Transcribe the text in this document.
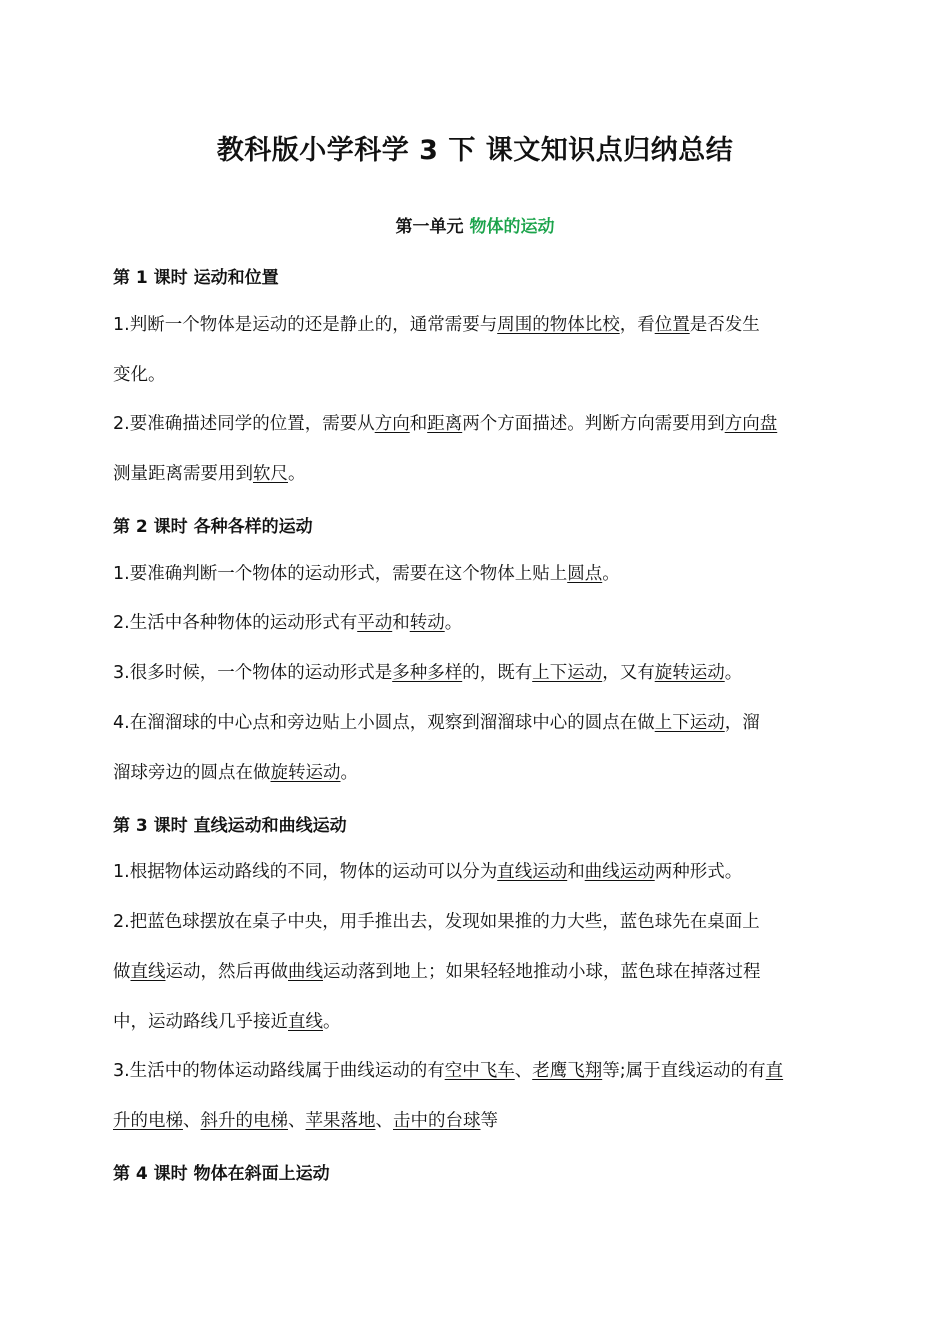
教科版小学科学 3 下 课文知识点归纳总结
第一单元 物体的运动
第 1 课时 运动和位置
1.判断一个物体是运动的还是静止的，通常需要与周围的物体比校，看位置是否发生
变化。
2.要准确描述同学的位置，需要从方向和距离两个方面描述。判断方向需要用到方向盘
测量距离需要用到软尺。
第 2 课时 各种各样的运动
1.要准确判断一个物体的运动形式，需要在这个物体上贴上圆点。
2.生活中各种物体的运动形式有平动和转动。
3.很多时候，一个物体的运动形式是多种多样的，既有上下运动，又有旋转运动。
4.在溜溜球的中心点和旁边贴上小圆点，观察到溜溜球中心的圆点在做上下运动，溜
溜球旁边的圆点在做旋转运动。
第 3 课时 直线运动和曲线运动
1.根据物体运动路线的不同，物体的运动可以分为直线运动和曲线运动两种形式。
2.把蓝色球摆放在桌子中央，用手推出去，发现如果推的力大些，蓝色球先在桌面上
做直线运动，然后再做曲线运动落到地上；如果轻轻地推动小球，蓝色球在掉落过程
中，运动路线几乎接近直线。
3.生活中的物体运动路线属于曲线运动的有空中飞车、老鹰飞翔等;属于直线运动的有直
升的电梯、斜升的电梯、苹果落地、击中的台球等
第 4 课时 物体在斜面上运动
